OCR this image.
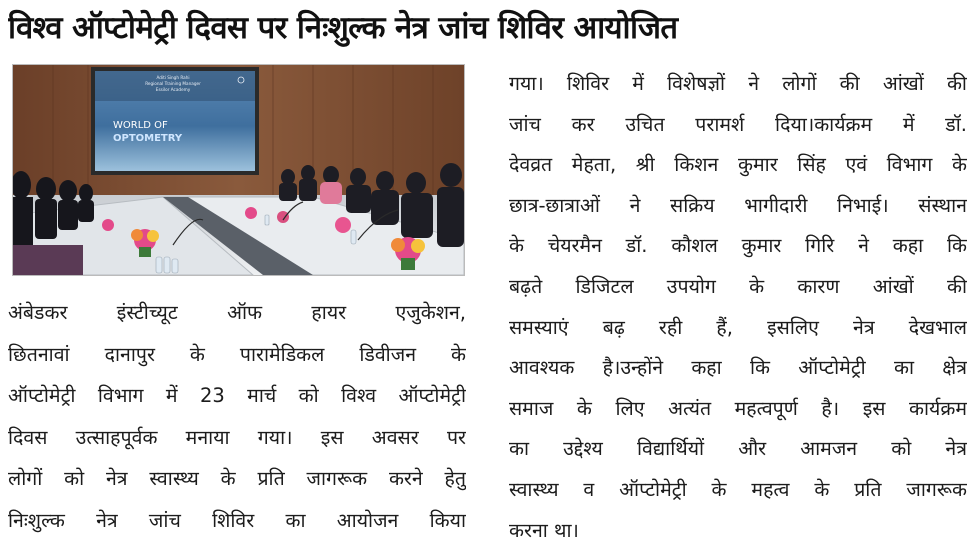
विश्व ऑप्टोमेट्री दिवस पर निःशुल्क नेत्र जांच शिविर आयोजित
Aditi Singh Rahi
Regional Training Manager
Essilor Academy
WORLD OF
OPTOMETRY
अंबेडकर इंस्टीच्यूट ऑफ हायर एजुकेशन,
छितनावां दानापुर के पारामेडिकल डिवीजन के
ऑप्टोमेट्री विभाग में 23 मार्च को विश्व ऑप्टोमेट्री
दिवस उत्साहपूर्वक मनाया गया। इस अवसर पर
लोगों को नेत्र स्वास्थ्य के प्रति जागरूक करने हेतु
निःशुल्क नेत्र जांच शिविर का आयोजन किया
गया। शिविर में विशेषज्ञों ने लोगों की आंखों की
जांच कर उचित परामर्श दिया।कार्यक्रम में डॉ.
देवव्रत मेहता, श्री किशन कुमार सिंह एवं विभाग के
छात्र-छात्राओं ने सक्रिय भागीदारी निभाई। संस्थान
के चेयरमैन डॉ. कौशल कुमार गिरि ने कहा कि
बढ़ते डिजिटल उपयोग के कारण आंखों की
समस्याएं बढ़ रही हैं, इसलिए नेत्र देखभाल
आवश्यक है।उन्होंने कहा कि ऑप्टोमेट्री का क्षेत्र
समाज के लिए अत्यंत महत्वपूर्ण है। इस कार्यक्रम
का उद्देश्य विद्यार्थियों और आमजन को नेत्र
स्वास्थ्य व ऑप्टोमेट्री के महत्व के प्रति जागरूक
करना था।
